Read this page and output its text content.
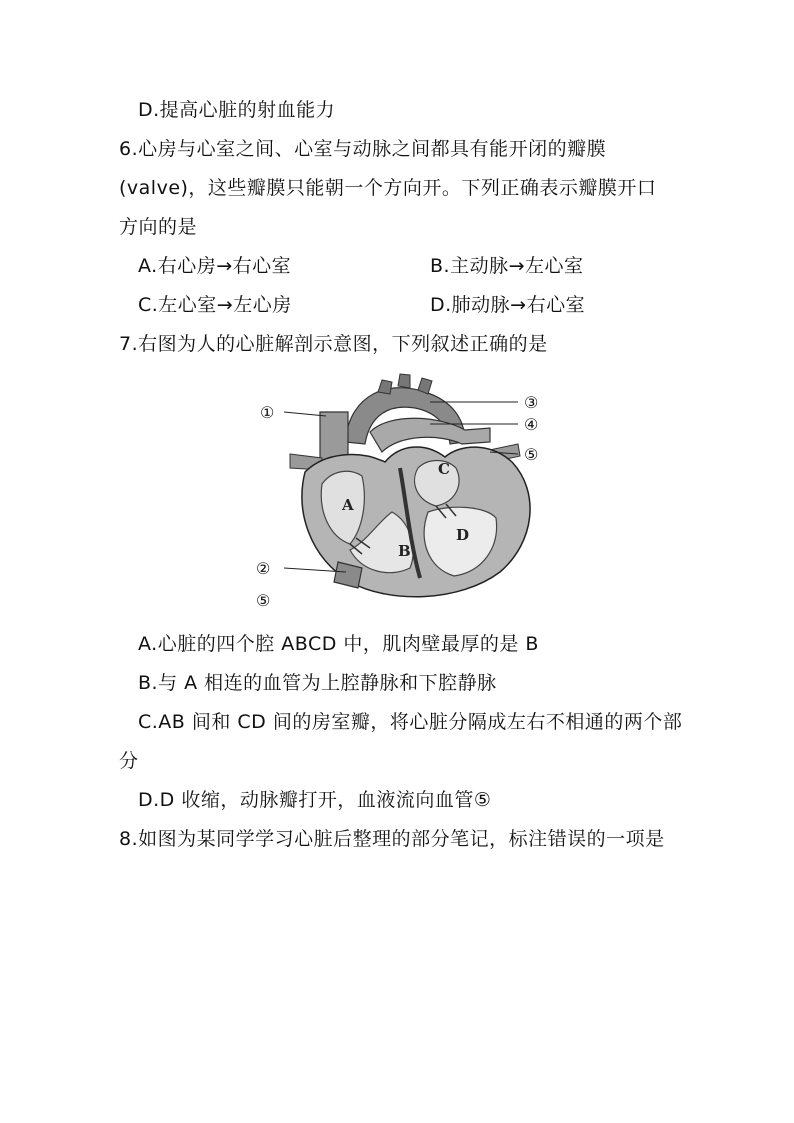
D.提高心脏的射血能力
6.心房与心室之间、心室与动脉之间都具有能开闭的瓣膜
(valve)，这些瓣膜只能朝一个方向开。下列正确表示瓣膜开口
方向的是
A.右心房→右心室	B.主动脉→左心室
C.左心室→左心房	D.肺动脉→右心室
7.右图为人的心脏解剖示意图，下列叙述正确的是
①
③
④
⑤
②
⑤
A
B
C
D
A.心脏的四个腔 ABCD 中，肌肉壁最厚的是 B
B.与 A 相连的血管为上腔静脉和下腔静脉
C.AB 间和 CD 间的房室瓣，将心脏分隔成左右不相通的两个部
分
D.D 收缩，动脉瓣打开，血液流向血管⑤
8.如图为某同学学习心脏后整理的部分笔记，标注错误的一项是
